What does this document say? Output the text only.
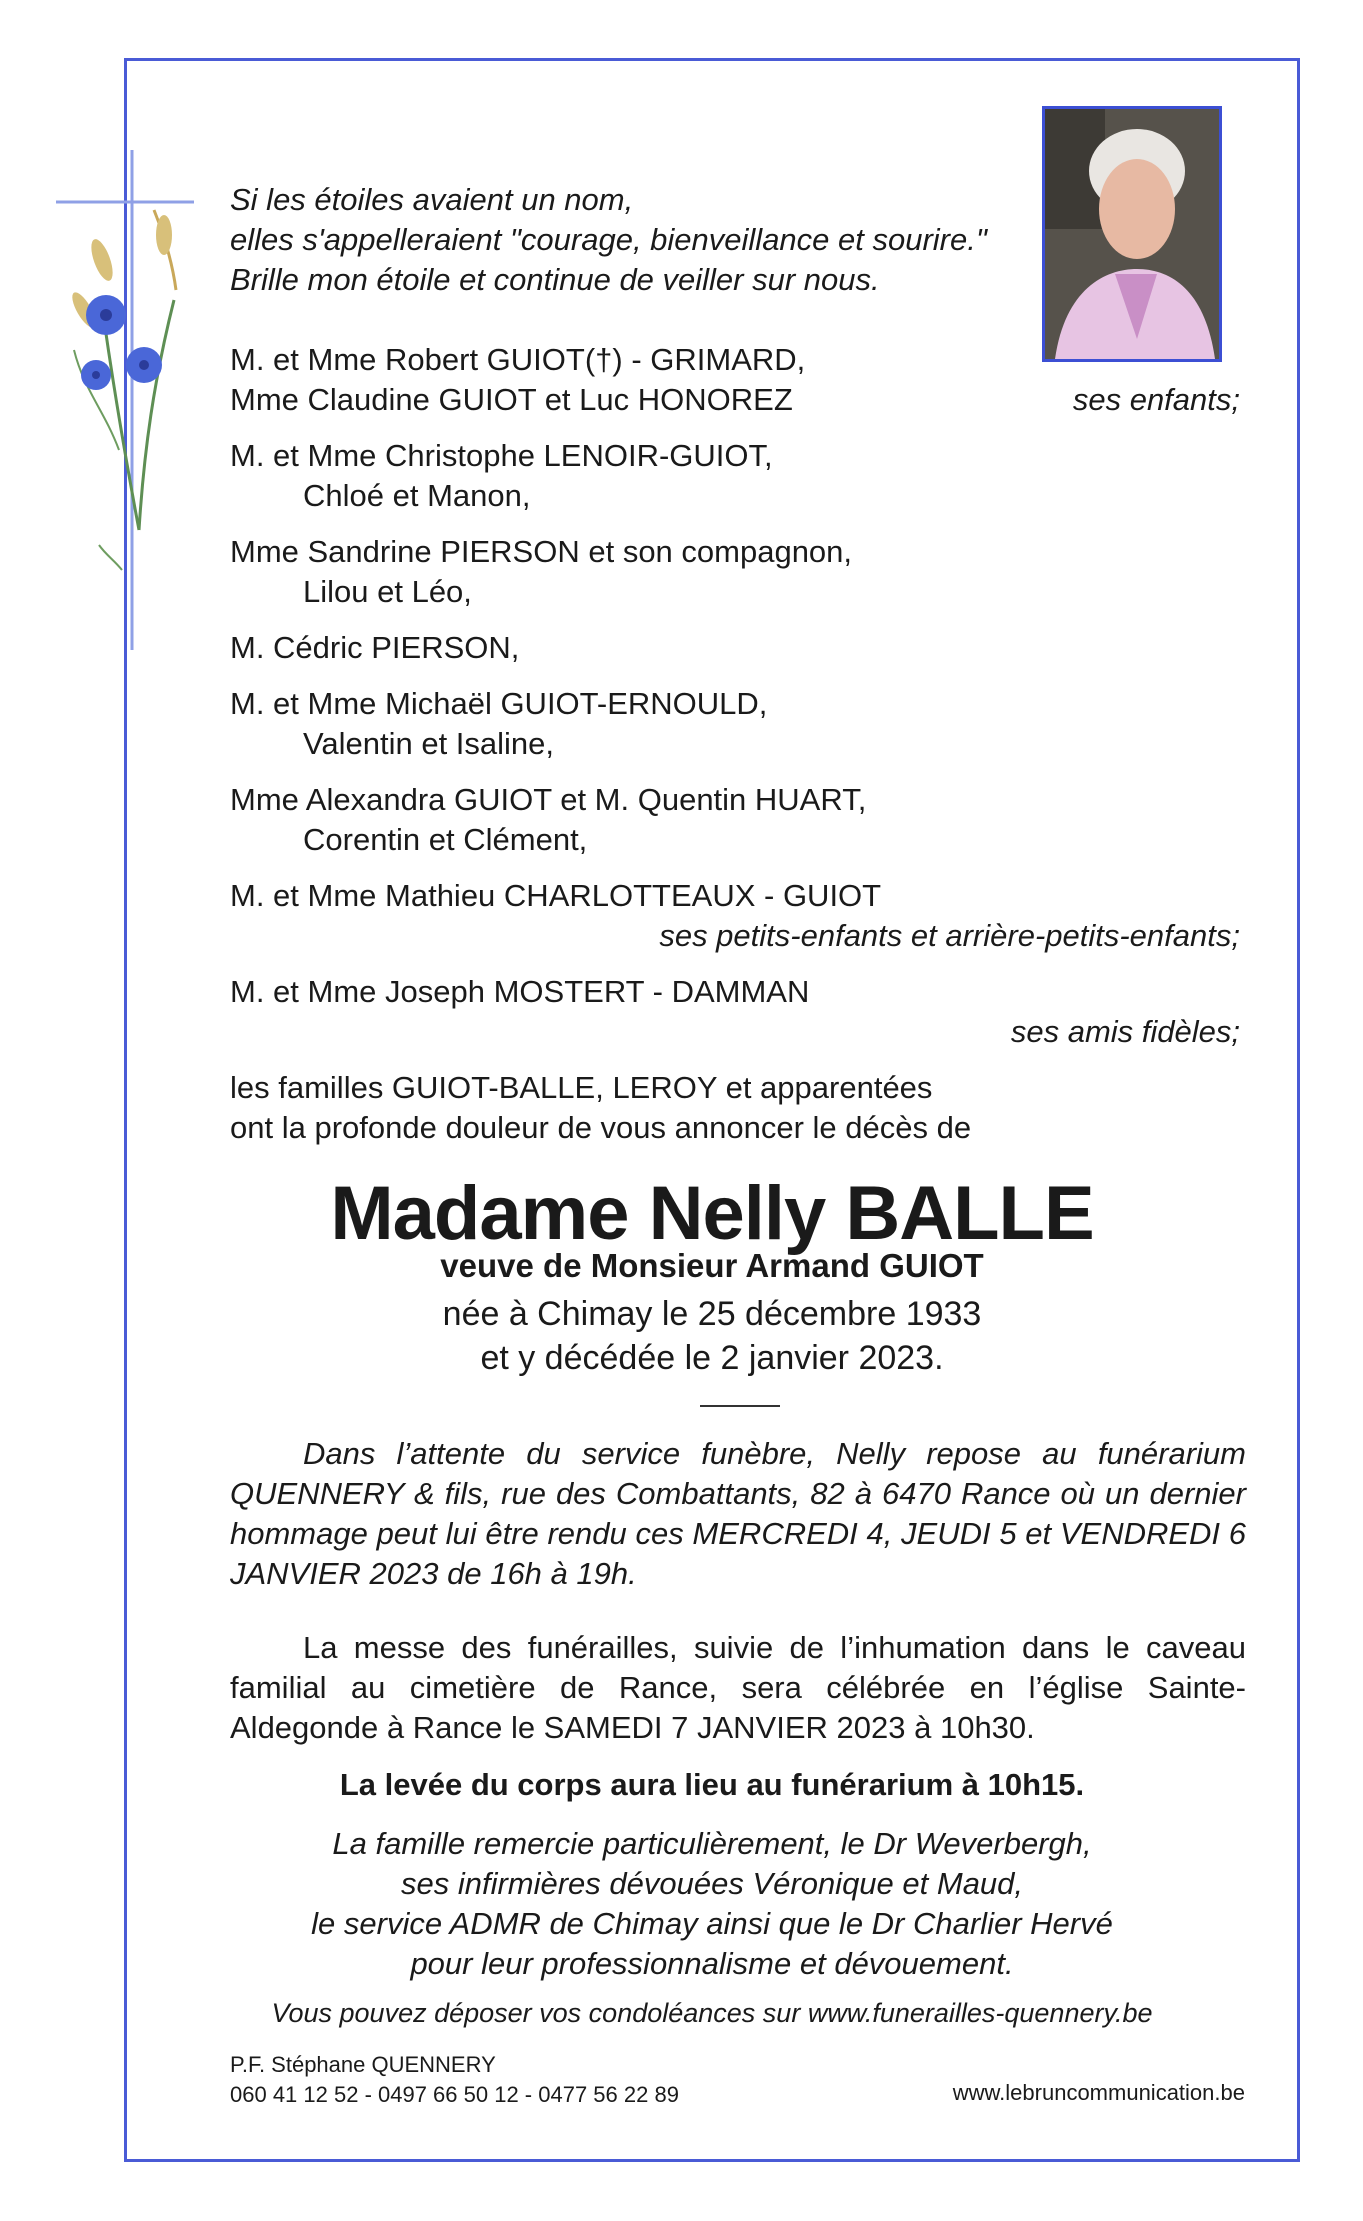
Si les étoiles avaient un nom,
elles s'appelleraient "courage, bienveillance et sourire."
Brille mon étoile et continue de veiller sur nous.
M. et Mme Robert GUIOT(†) - GRIMARD,
Mme Claudine GUIOT et Luc HONOREZ	ses enfants;
M. et Mme Christophe LENOIR-GUIOT,
Chloé et Manon,
Mme Sandrine PIERSON et son compagnon,
Lilou et Léo,
M. Cédric PIERSON,
M. et Mme Michaël GUIOT-ERNOULD,
Valentin et Isaline,
Mme Alexandra GUIOT et M. Quentin HUART,
Corentin et Clément,
M. et Mme Mathieu CHARLOTTEAUX - GUIOT
ses petits-enfants et arrière-petits-enfants;
M. et Mme Joseph MOSTERT - DAMMAN
ses amis fidèles;
les familles GUIOT-BALLE, LEROY et apparentées
ont la profonde douleur de vous annoncer le décès de
Madame Nelly BALLE
veuve de Monsieur Armand GUIOT
née à Chimay le 25 décembre 1933
et y décédée le 2 janvier 2023.
Dans l’attente du service funèbre, Nelly repose au funérarium QUENNERY & fils, rue des Combattants, 82 à 6470 Rance où un dernier hommage peut lui être rendu ces MERCREDI 4, JEUDI 5 et VENDREDI 6 JANVIER 2023 de 16h à 19h.
La messe des funérailles, suivie de l’inhumation dans le caveau familial au cimetière de Rance, sera célébrée en l’église Sainte-Aldegonde à Rance le SAMEDI 7 JANVIER 2023 à 10h30.
La levée du corps aura lieu au funérarium à 10h15.
La famille remercie particulièrement, le Dr Weverbergh,
ses infirmières dévouées Véronique et Maud,
le service ADMR de Chimay ainsi que le Dr Charlier Hervé
pour leur professionnalisme et dévouement.
Vous pouvez déposer vos condoléances sur www.funerailles-quennery.be
P.F. Stéphane QUENNERY
060 41 12 52 - 0497 66 50 12 - 0477 56 22 89	www.lebruncommunication.be
